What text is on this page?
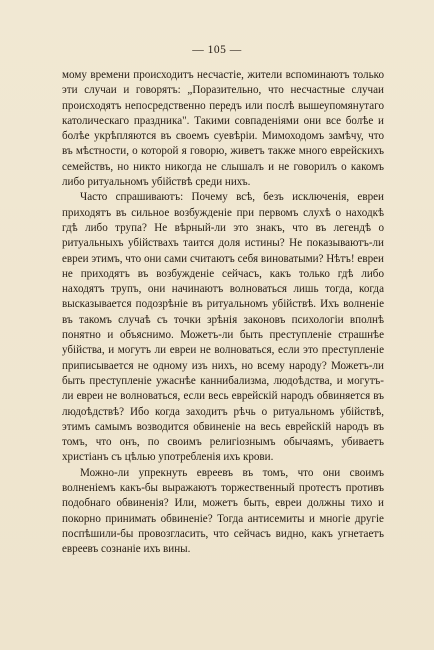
— 105 —

мому времени происходитъ несчастіе, жители вспоминаютъ только эти случаи и говорятъ: „Поразительно, что несчастные случаи происходятъ непосредственно передъ или послѣ вышеупомянутаго католическаго праздника". Такими совпаденіями они все болѣе и болѣе укрѣпляются въ своемъ суевѣріи. Мимоходомъ замѣчу, что въ мѣстности, о которой я говорю, живетъ также много еврейскихъ семействъ, но никто никогда не слышалъ и не говорилъ о какомъ либо ритуальномъ убійствѣ среди нихъ.

Часто спрашиваютъ: Почему всѣ, безъ исключенія, евреи приходятъ въ сильное возбужденіе при первомъ слухѣ о находкѣ гдѣ либо трупа? Не вѣрный-ли это знакъ, что въ легендѣ о ритуальныхъ убійствахъ таится доля истины? Не показываютъ-ли евреи этимъ, что они сами считаютъ себя виноватыми? Нѣтъ! евреи не приходятъ въ возбужденіе сейчасъ, какъ только гдѣ либо находятъ трупъ, они начинаютъ волноваться лишь тогда, когда высказывается подозрѣніе въ ритуальномъ убійствѣ. Ихъ волненіе въ такомъ случаѣ съ точки зрѣнія законовъ психологіи вполнѣ понятно и объяснимо. Можетъ-ли быть преступленіе страшнѣе убійства, и могутъ ли евреи не волноваться, если это преступленіе приписывается не одному изъ нихъ, но всему народу? Можетъ-ли быть преступленіе ужаснѣе каннибализма, людоѣдства, и могутъ-ли евреи не волноваться, если весь еврейскій народъ обвиняется въ людоѣдствѣ? Ибо когда заходитъ рѣчь о ритуальномъ убійствѣ, этимъ самымъ возводится обвиненіе на весь еврейскій народъ въ томъ, что онъ, по своимъ религіознымъ обычаямъ, убиваетъ христіанъ съ цѣлью употребленія ихъ крови.

Можно-ли упрекнуть евреевъ въ томъ, что они своимъ волненіемъ какъ-бы выражаютъ торжественный протестъ противъ подобнаго обвиненія? Или, можетъ быть, евреи должны тихо и покорно принимать обвиненіе? Тогда антисемиты и многіе другіе поспѣшили-бы провозгласить, что сейчасъ видно, какъ угнетаетъ евреевъ сознаніе ихъ вины.
